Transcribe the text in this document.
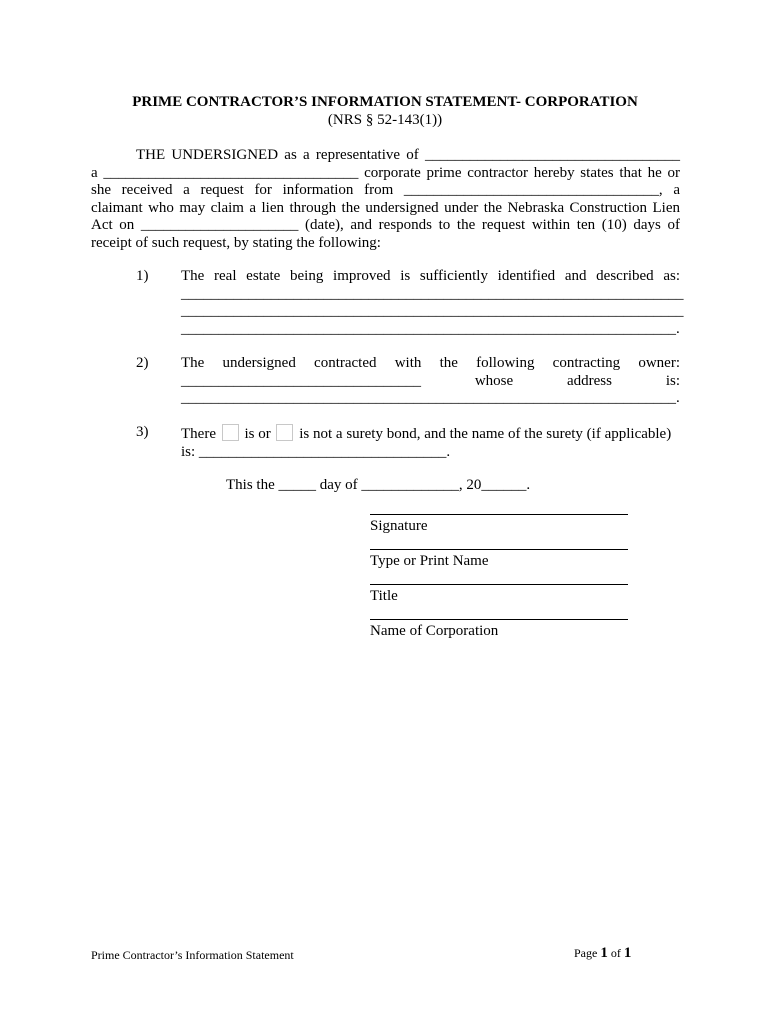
PRIME CONTRACTOR’S INFORMATION STATEMENT- CORPORATION
(NRS § 52-143(1))
THE UNDERSIGNED as a representative of __________________________________
a __________________________________ corporate prime contractor hereby states that he or
she received a request for information from __________________________________, a
claimant who may claim a lien through the undersigned under the Nebraska Construction Lien
Act on _____________________ (date), and responds to the request within ten (10) days of
receipt of such request, by stating the following:
1) The real estate being improved is sufficiently identified and described as:
___________________________________________________________________
___________________________________________________________________
__________________________________________________________________.
2) The undersigned contracted with the following contracting owner:
________________________________ whose address is:
__________________________________________________________________.
3) There is or is not a surety bond, and the name of the surety (if applicable)
is: _________________________________.
This the _____ day of _____________, 20______.
Signature
Type or Print Name
Title
Name of Corporation
Prime Contractor’s Information Statement	Page 1 of 1
